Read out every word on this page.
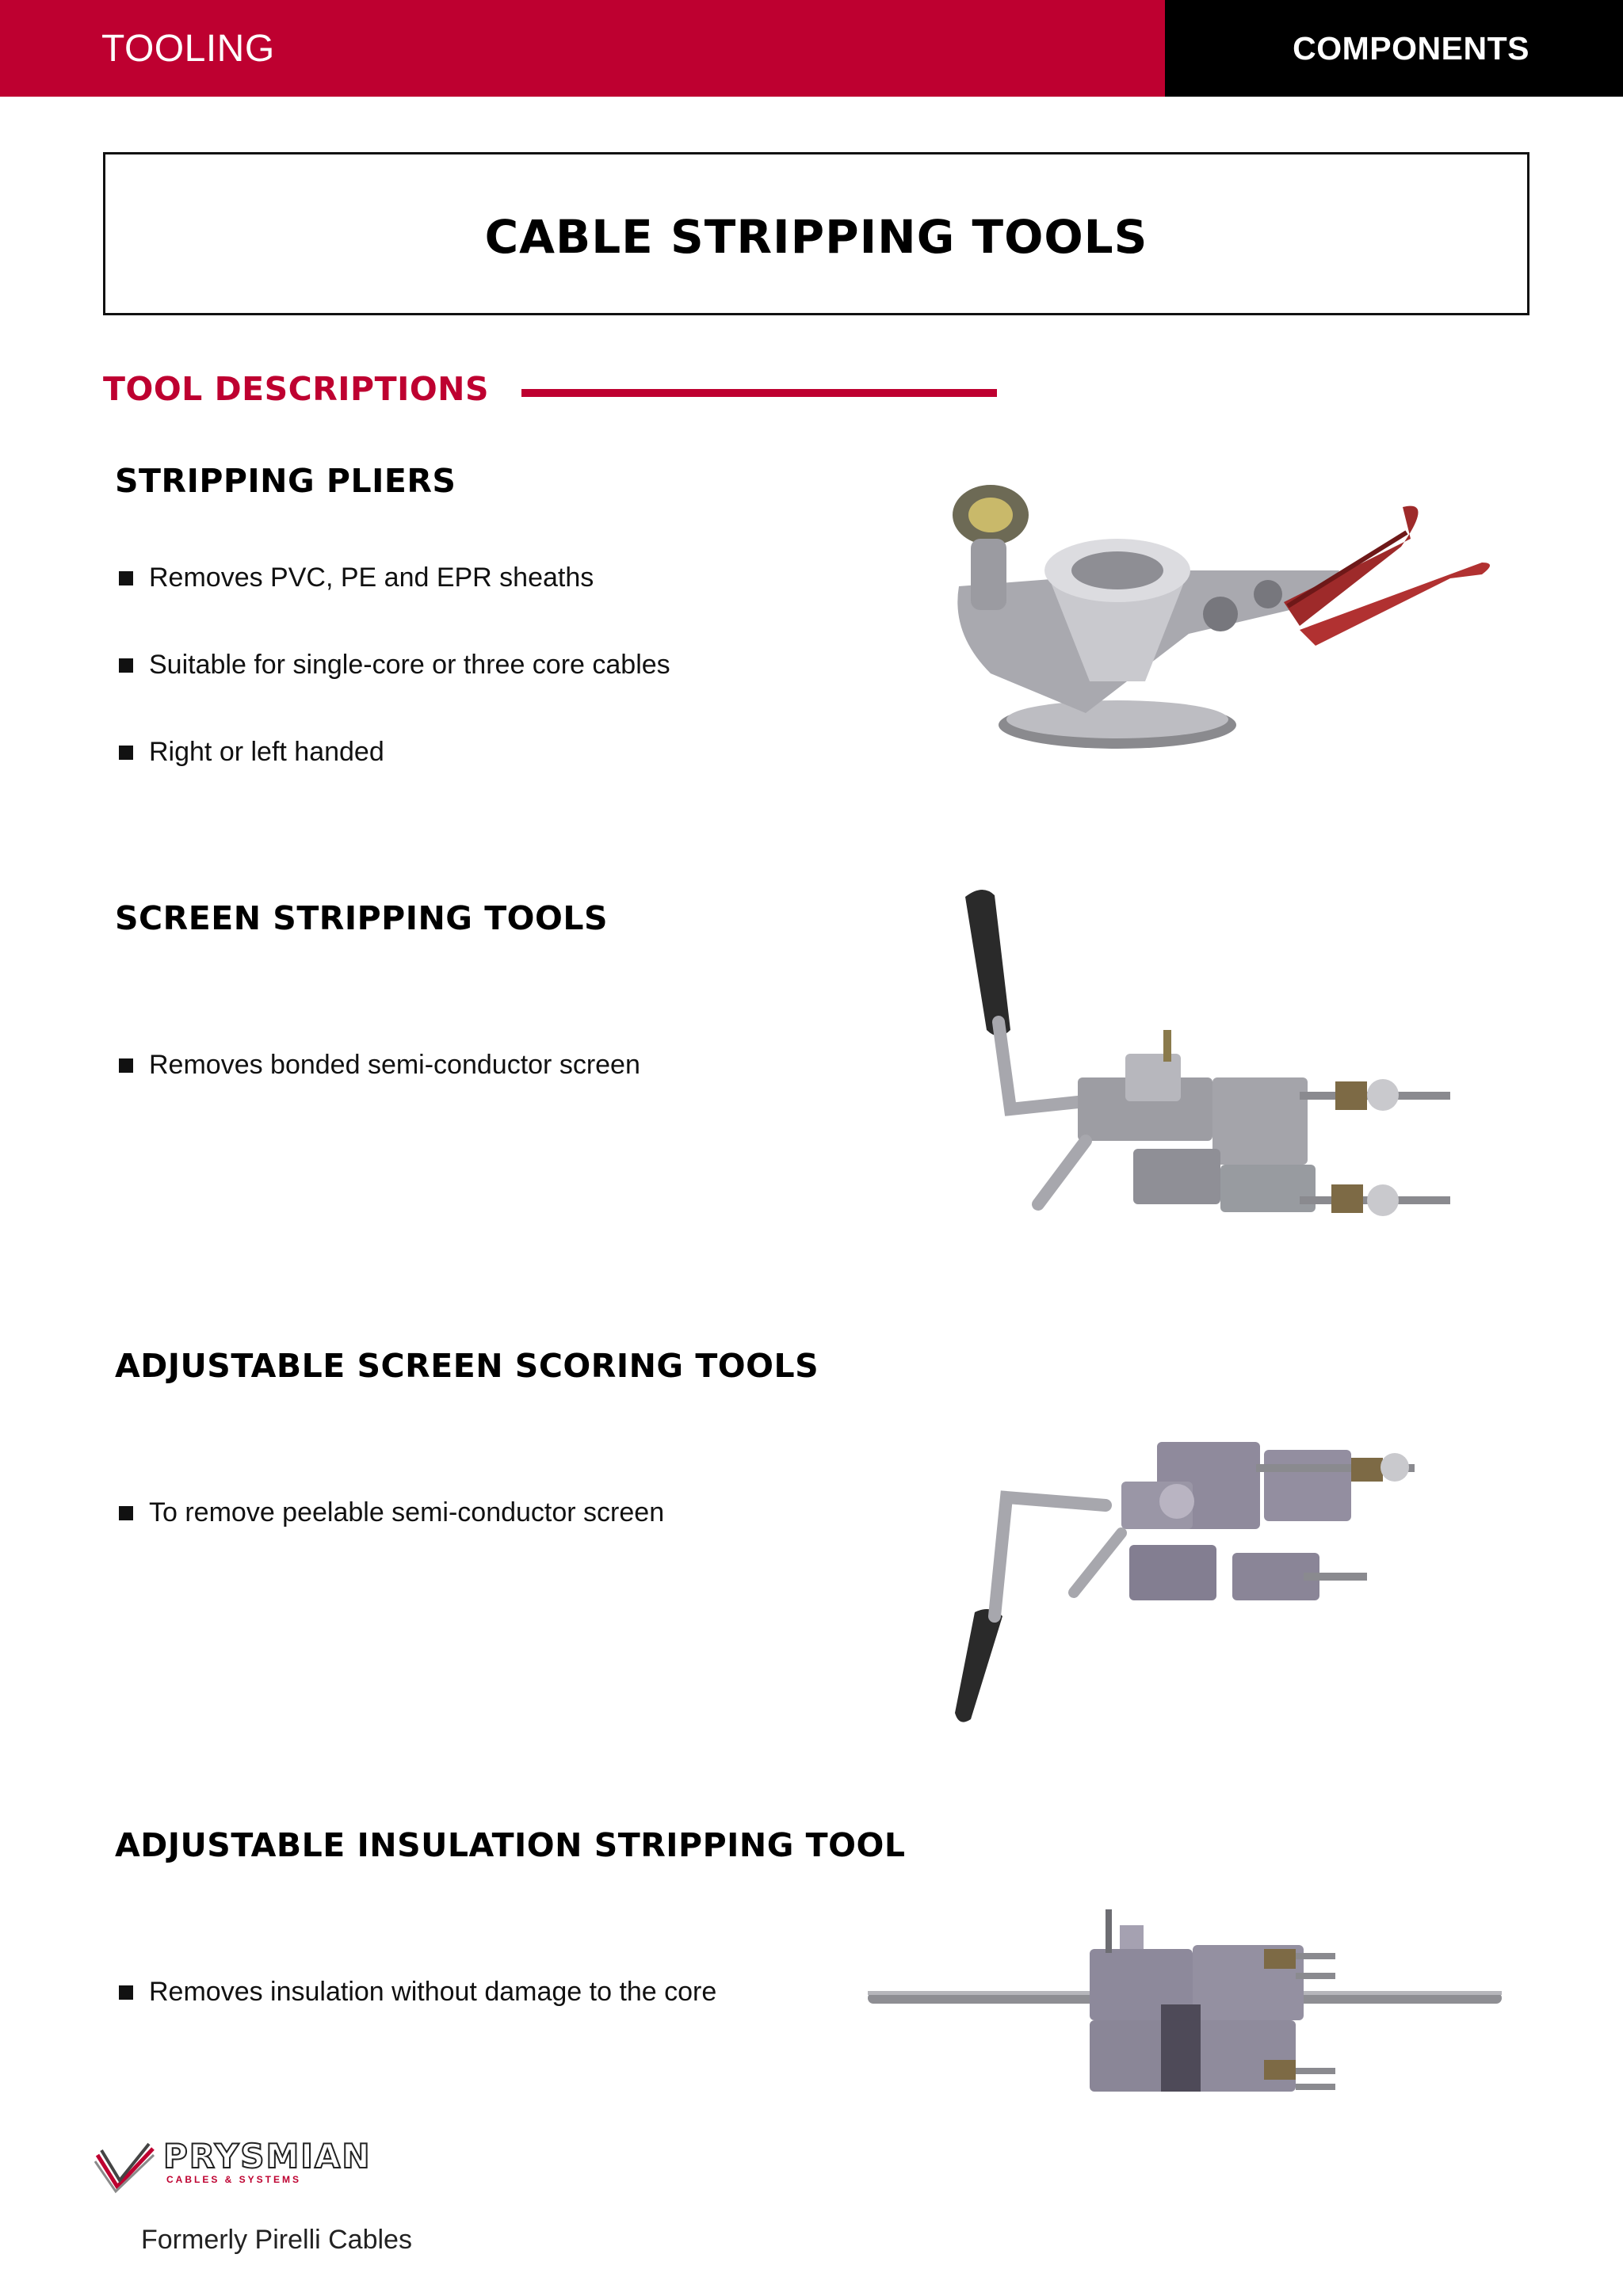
TOOLING	COMPONENTS
CABLE STRIPPING TOOLS
TOOL DESCRIPTIONS
STRIPPING PLIERS
Removes PVC, PE and EPR sheaths
Suitable for single-core or three core cables
Right or left handed
SCREEN STRIPPING TOOLS
Removes bonded semi-conductor screen
ADJUSTABLE SCREEN SCORING TOOLS
To remove peelable semi-conductor screen
ADJUSTABLE INSULATION STRIPPING TOOL
Removes insulation without damage to the core
PRYSMIAN
CABLES & SYSTEMS
Formerly Pirelli Cables
